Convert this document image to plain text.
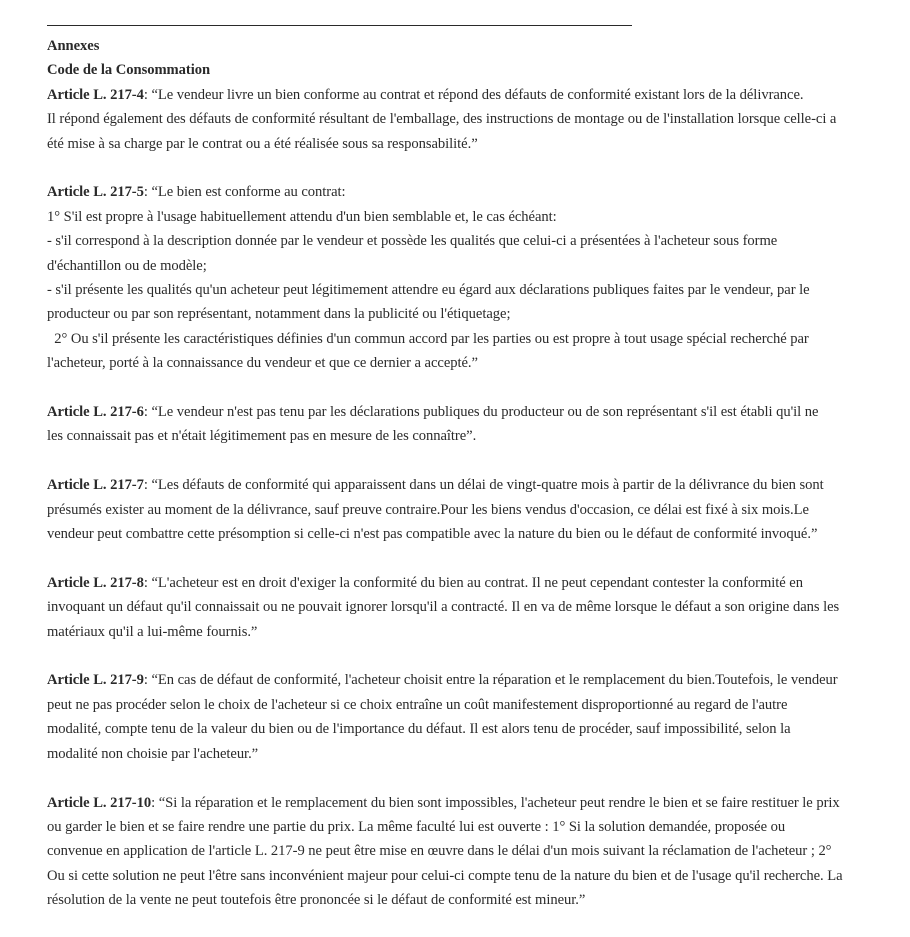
Annexes

Code de la Consommation

Article L. 217-4: “Le vendeur livre un bien conforme au contrat et répond des défauts de conformité existant lors de la délivrance.
Il répond également des défauts de conformité résultant de l'emballage, des instructions de montage ou de l'installation lorsque celle-ci a
été mise à sa charge par le contrat ou a été réalisée sous sa responsabilité.”
Article L. 217-5: “Le bien est conforme au contrat:
1° S'il est propre à l'usage habituellement attendu d'un bien semblable et, le cas échéant:
- s'il correspond à la description donnée par le vendeur et possède les qualités que celui-ci a présentées à l'acheteur sous forme
d'échantillon ou de modèle;
- s'il présente les qualités qu'un acheteur peut légitimement attendre eu égard aux déclarations publiques faites par le vendeur, par le
producteur ou par son représentant, notamment dans la publicité ou l'étiquetage;
2° Ou s'il présente les caractéristiques définies d'un commun accord par les parties ou est propre à tout usage spécial recherché par
l'acheteur, porté à la connaissance du vendeur et que ce dernier a accepté.”
Article L. 217-6: “Le vendeur n'est pas tenu par les déclarations publiques du producteur ou de son représentant s'il est établi qu'il ne
les connaissait pas et n'était légitimement pas en mesure de les connaître”.
Article L. 217-7: “Les défauts de conformité qui apparaissent dans un délai de vingt-quatre mois à partir de la délivrance du bien sont
présumés exister au moment de la délivrance, sauf preuve contraire.Pour les biens vendus d'occasion, ce délai est fixé à six mois.Le
vendeur peut combattre cette présomption si celle-ci n'est pas compatible avec la nature du bien ou le défaut de conformité invoqué.”
Article L. 217-8: “L'acheteur est en droit d'exiger la conformité du bien au contrat. Il ne peut cependant contester la conformité en
invoquant un défaut qu'il connaissait ou ne pouvait ignorer lorsqu'il a contracté. Il en va de même lorsque le défaut a son origine dans les
matériaux qu'il a lui-même fournis.”
Article L. 217-9: “En cas de défaut de conformité, l'acheteur choisit entre la réparation et le remplacement du bien.Toutefois, le vendeur
peut ne pas procéder selon le choix de l'acheteur si ce choix entraîne un coût manifestement disproportionné au regard de l'autre
modalité, compte tenu de la valeur du bien ou de l'importance du défaut. Il est alors tenu de procéder, sauf impossibilité, selon la
modalité non choisie par l'acheteur.”
Article L. 217-10: “Si la réparation et le remplacement du bien sont impossibles, l'acheteur peut rendre le bien et se faire restituer le prix
ou garder le bien et se faire rendre une partie du prix. La même faculté lui est ouverte : 1° Si la solution demandée, proposée ou
convenue en application de l'article L. 217-9 ne peut être mise en œuvre dans le délai d'un mois suivant la réclamation de l'acheteur ; 2°
Ou si cette solution ne peut l'être sans inconvénient majeur pour celui-ci compte tenu de la nature du bien et de l'usage qu'il recherche. La
résolution de la vente ne peut toutefois être prononcée si le défaut de conformité est mineur.”
